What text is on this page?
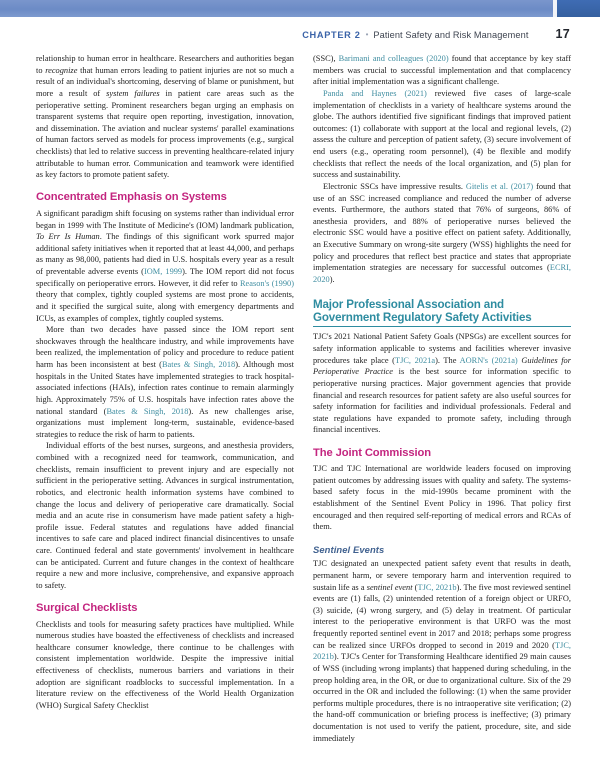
CHAPTER 2 • Patient Safety and Risk Management 17

relationship to human error in healthcare. Researchers and authorities began to recognize that human errors leading to patient injuries are not so much a result of an individual's shortcoming, deserving of blame or punishment, but more a result of system failures in patient care areas such as the perioperative setting. Prominent researchers began urging an emphasis on transparent systems that require open reporting, investigation, innovation, and dissemination. The aviation and nuclear systems' parallel examinations of human factors served as models for process improvements (e.g., surgical checklists) that led to relative success in preventing healthcare-related injury attributable to human error. Communication and teamwork were identified as key factors to promote patient safety.

Concentrated Emphasis on Systems

A significant paradigm shift focusing on systems rather than individual error began in 1999 with The Institute of Medicine's (IOM) landmark publication, To Err Is Human. The findings of this significant work spurred major additional safety initiatives when it reported that at least 44,000, and perhaps as many as 98,000, patients had died in U.S. hospitals every year as a result of preventable adverse events (IOM, 1999). The IOM report did not focus specifically on perioperative errors. However, it did refer to Reason's (1990) theory that complex, tightly coupled systems are most prone to accidents, and it specified the surgical suite, along with emergency departments and ICUs, as examples of complex, tightly coupled systems.

More than two decades have passed since the IOM report sent shockwaves through the healthcare industry, and while improvements have been realized, the implementation of policy and procedure to reduce patient harm has been inconsistent at best (Bates & Singh, 2018). Although most hospitals in the United States have implemented strategies to track hospital-associated infections (HAIs), infection rates continue to remain alarmingly high. Approximately 75% of U.S. hospitals have infection rates above the national standard (Bates & Singh, 2018). As new challenges arise, organizations must implement long-term, sustainable, evidence-based strategies to reduce the risk of harm to patients.

Individual efforts of the best nurses, surgeons, and anesthesia providers, combined with a recognized need for teamwork, communication, and checklists, remain insufficient to prevent injury and are especially not sufficient in the perioperative setting. Advances in surgical instrumentation, robotics, and electronic health information systems have combined to change the locus and delivery of perioperative care dramatically. Social media and an acute rise in consumerism have made patient safety a high-profile issue. Federal statutes and regulations have added financial incentives to safe care and placed indirect financial disincentives to unsafe care. Continued federal and state governments' involvement in healthcare can be anticipated. Current and future changes in the context of healthcare require a new and more inclusive, comprehensive, and expansive approach to safety.

Surgical Checklists

Checklists and tools for measuring safety practices have multiplied. While numerous studies have boasted the effectiveness of checklists and increased healthcare consumer knowledge, there continue to be challenges with consistent implementation worldwide. Despite the impressive initial effectiveness of checklists, numerous barriers and variations in their adoption are significant roadblocks to successful implementation. In a literature review on the effectiveness of the World Health Organization (WHO) Surgical Safety Checklist

(SSC), Barimani and colleagues (2020) found that acceptance by key staff members was crucial to successful implementation and that complacency after initial implementation was a significant challenge.

Panda and Haynes (2021) reviewed five cases of large-scale implementation of checklists in a variety of healthcare systems around the globe. The authors identified five significant findings that improved patient outcomes: (1) collaborate with support at the local and regional levels, (2) assess the culture and perception of patient safety, (3) secure involvement of end users (e.g., operating room personnel), (4) be flexible and modify checklists that reflect the needs of the local organization, and (5) plan for success and sustainability.

Electronic SSCs have impressive results. Gitelis et al. (2017) found that use of an SSC increased compliance and reduced the number of adverse events. Furthermore, the authors stated that 76% of surgeons, 86% of anesthesia providers, and 88% of perioperative nurses believed the electronic SSC would have a positive effect on patient safety. Additionally, an Executive Summary on wrong-site surgery (WSS) highlights the need for policy and procedures that reflect best practice and states that appropriate implementation strategies are necessary for successful outcomes (ECRI, 2020).

Major Professional Association and Government Regulatory Safety Activities

TJC's 2021 National Patient Safety Goals (NPSGs) are excellent sources for safety information applicable to systems and facilities wherever invasive procedures take place (TJC, 2021a). The AORN's (2021a) Guidelines for Perioperative Practice is the best source for information specific to perioperative nursing practices. Major government agencies that provide financial and research resources for patient safety are also useful sources for safety information for facilities and individual professionals. Federal and state regulations have expanded to promote safety, including through financial incentives.

The Joint Commission

TJC and TJC International are worldwide leaders focused on improving patient outcomes by addressing issues with quality and safety. The systems-based safety focus in the mid-1990s became prominent with the establishment of the Sentinel Event Policy in 1996. That policy first encouraged and then required self-reporting of medical errors and RCAs of them.

Sentinel Events

TJC designated an unexpected patient safety event that results in death, permanent harm, or severe temporary harm and intervention required to sustain life as a sentinel event (TJC, 2021b). The five most reviewed sentinel events are (1) falls, (2) unintended retention of a foreign object or URFO, (3) suicide, (4) wrong surgery, and (5) delay in treatment. Of particular interest to the perioperative environment is that URFO was the most frequently reported sentinel event in 2017 and 2018; perhaps some progress can be realized since URFOs dropped to second in 2019 and 2020 (TJC, 2021b). TJC's Center for Transforming Healthcare identified 29 main causes of WSS (including wrong implants) that happened during scheduling, in the preop holding area, in the OR, or due to organizational culture. Six of the 29 occurred in the OR and included the following: (1) when the same provider performs multiple procedures, there is no intraoperative site verification; (2) the hand-off communication or briefing process is ineffective; (3) primary documentation is not used to verify the patient, procedure, site, and side immediately
